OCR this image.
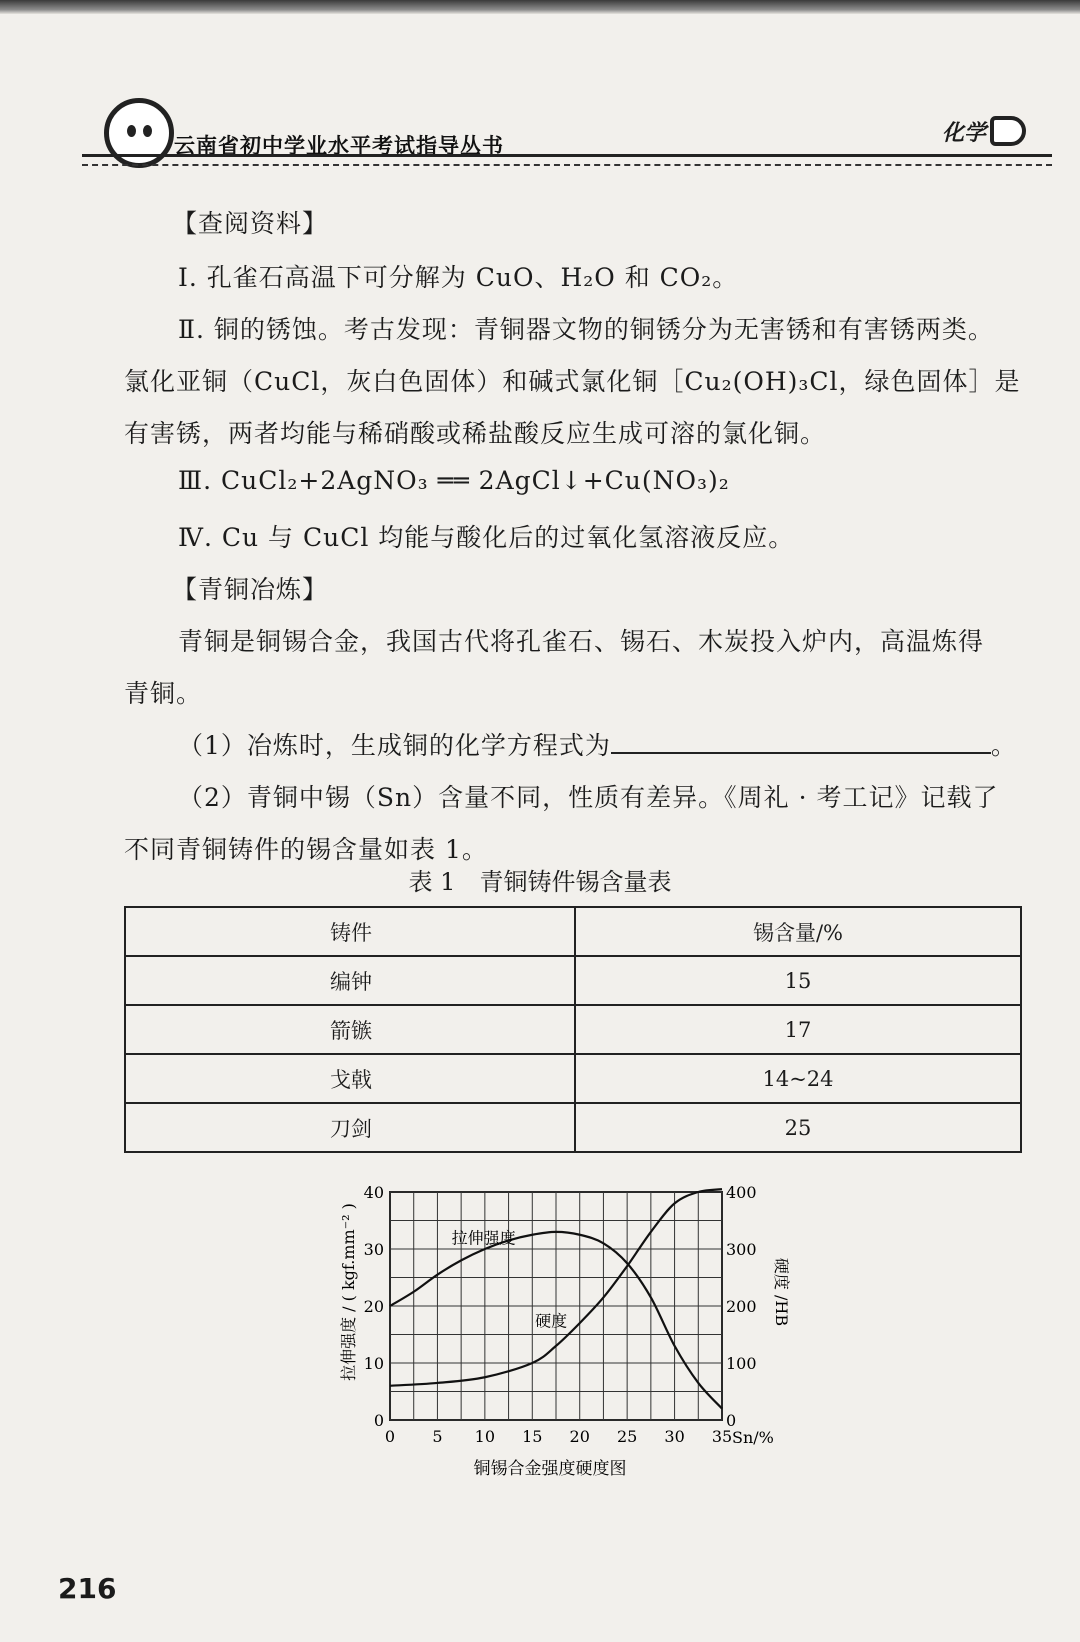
云南省初中学业水平考试指导丛书	化学
【查阅资料】
Ⅰ. 孔雀石高温下可分解为 CuO、H₂O 和 CO₂。
Ⅱ. 铜的锈蚀。考古发现：青铜器文物的铜锈分为无害锈和有害锈两类。
氯化亚铜（CuCl，灰白色固体）和碱式氯化铜［Cu₂(OH)₃Cl，绿色固体］是
有害锈，两者均能与稀硝酸或稀盐酸反应生成可溶的氯化铜。
Ⅲ. CuCl₂+2AgNO₃ ══ 2AgCl↓+Cu(NO₃)₂
Ⅳ. Cu 与 CuCl 均能与酸化后的过氧化氢溶液反应。
【青铜冶炼】
青铜是铜锡合金，我国古代将孔雀石、锡石、木炭投入炉内，高温炼得
青铜。
（1）冶炼时，生成铜的化学方程式为	。
（2）青铜中锡（Sn）含量不同，性质有差异。《周礼 · 考工记》记载了
不同青铜铸件的锡含量如表 1。
表 1　青铜铸件锡含量表
铸件	锡含量/%
编钟	15
箭镞	17
戈戟	14~24
刀剑	25
拉伸强度
硬度
0 5 10 15 20 25 30 35
0
10
20
30
40
0
100
200
300
400
拉伸强度 / ( kgf.mm⁻² )	硬度 /HB
Sn/%
铜锡合金强度硬度图
216
